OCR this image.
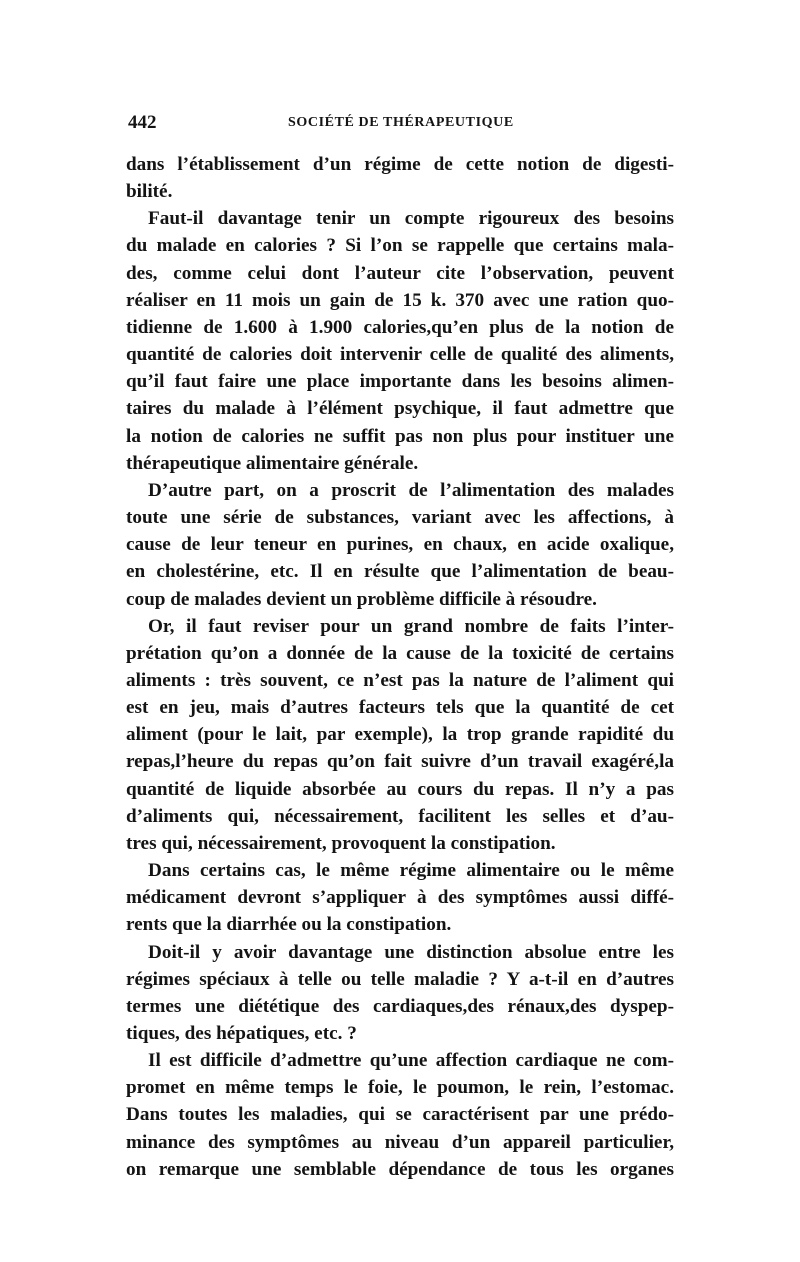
442	SOCIÉTÉ DE THÉRAPEUTIQUE
dans l’établissement d’un régime de cette notion de digesti-
bilité.
Faut-il davantage tenir un compte rigoureux des besoins
du malade en calories ? Si l’on se rappelle que certains mala-
des, comme celui dont l’auteur cite l’observation, peuvent
réaliser en 11 mois un gain de 15 k. 370 avec une ration quo-
tidienne de 1.600 à 1.900 calories,qu’en plus de la notion de
quantité de calories doit intervenir celle de qualité des aliments,
qu’il faut faire une place importante dans les besoins alimen-
taires du malade à l’élément psychique, il faut admettre que
la notion de calories ne suffit pas non plus pour instituer une
thérapeutique alimentaire générale.
D’autre part, on a proscrit de l’alimentation des malades
toute une série de substances, variant avec les affections, à
cause de leur teneur en purines, en chaux, en acide oxalique,
en cholestérine, etc. Il en résulte que l’alimentation de beau-
coup de malades devient un problème difficile à résoudre.
Or, il faut reviser pour un grand nombre de faits l’inter-
prétation qu’on a donnée de la cause de la toxicité de certains
aliments : très souvent, ce n’est pas la nature de l’aliment qui
est en jeu, mais d’autres facteurs tels que la quantité de cet
aliment (pour le lait, par exemple), la trop grande rapidité du
repas,l’heure du repas qu’on fait suivre d’un travail exagéré,la
quantité de liquide absorbée au cours du repas. Il n’y a pas
d’aliments qui, nécessairement, facilitent les selles et d’au-
tres qui, nécessairement, provoquent la constipation.
Dans certains cas, le même régime alimentaire ou le même
médicament devront s’appliquer à des symptômes aussi diffé-
rents que la diarrhée ou la constipation.
Doit-il y avoir davantage une distinction absolue entre les
régimes spéciaux à telle ou telle maladie ? Y a-t-il en d’autres
termes une diététique des cardiaques,des rénaux,des dyspep-
tiques, des hépatiques, etc. ?
Il est difficile d’admettre qu’une affection cardiaque ne com-
promet en même temps le foie, le poumon, le rein, l’estomac.
Dans toutes les maladies, qui se caractérisent par une prédo-
minance des symptômes au niveau d’un appareil particulier,
on remarque une semblable dépendance de tous les organes
